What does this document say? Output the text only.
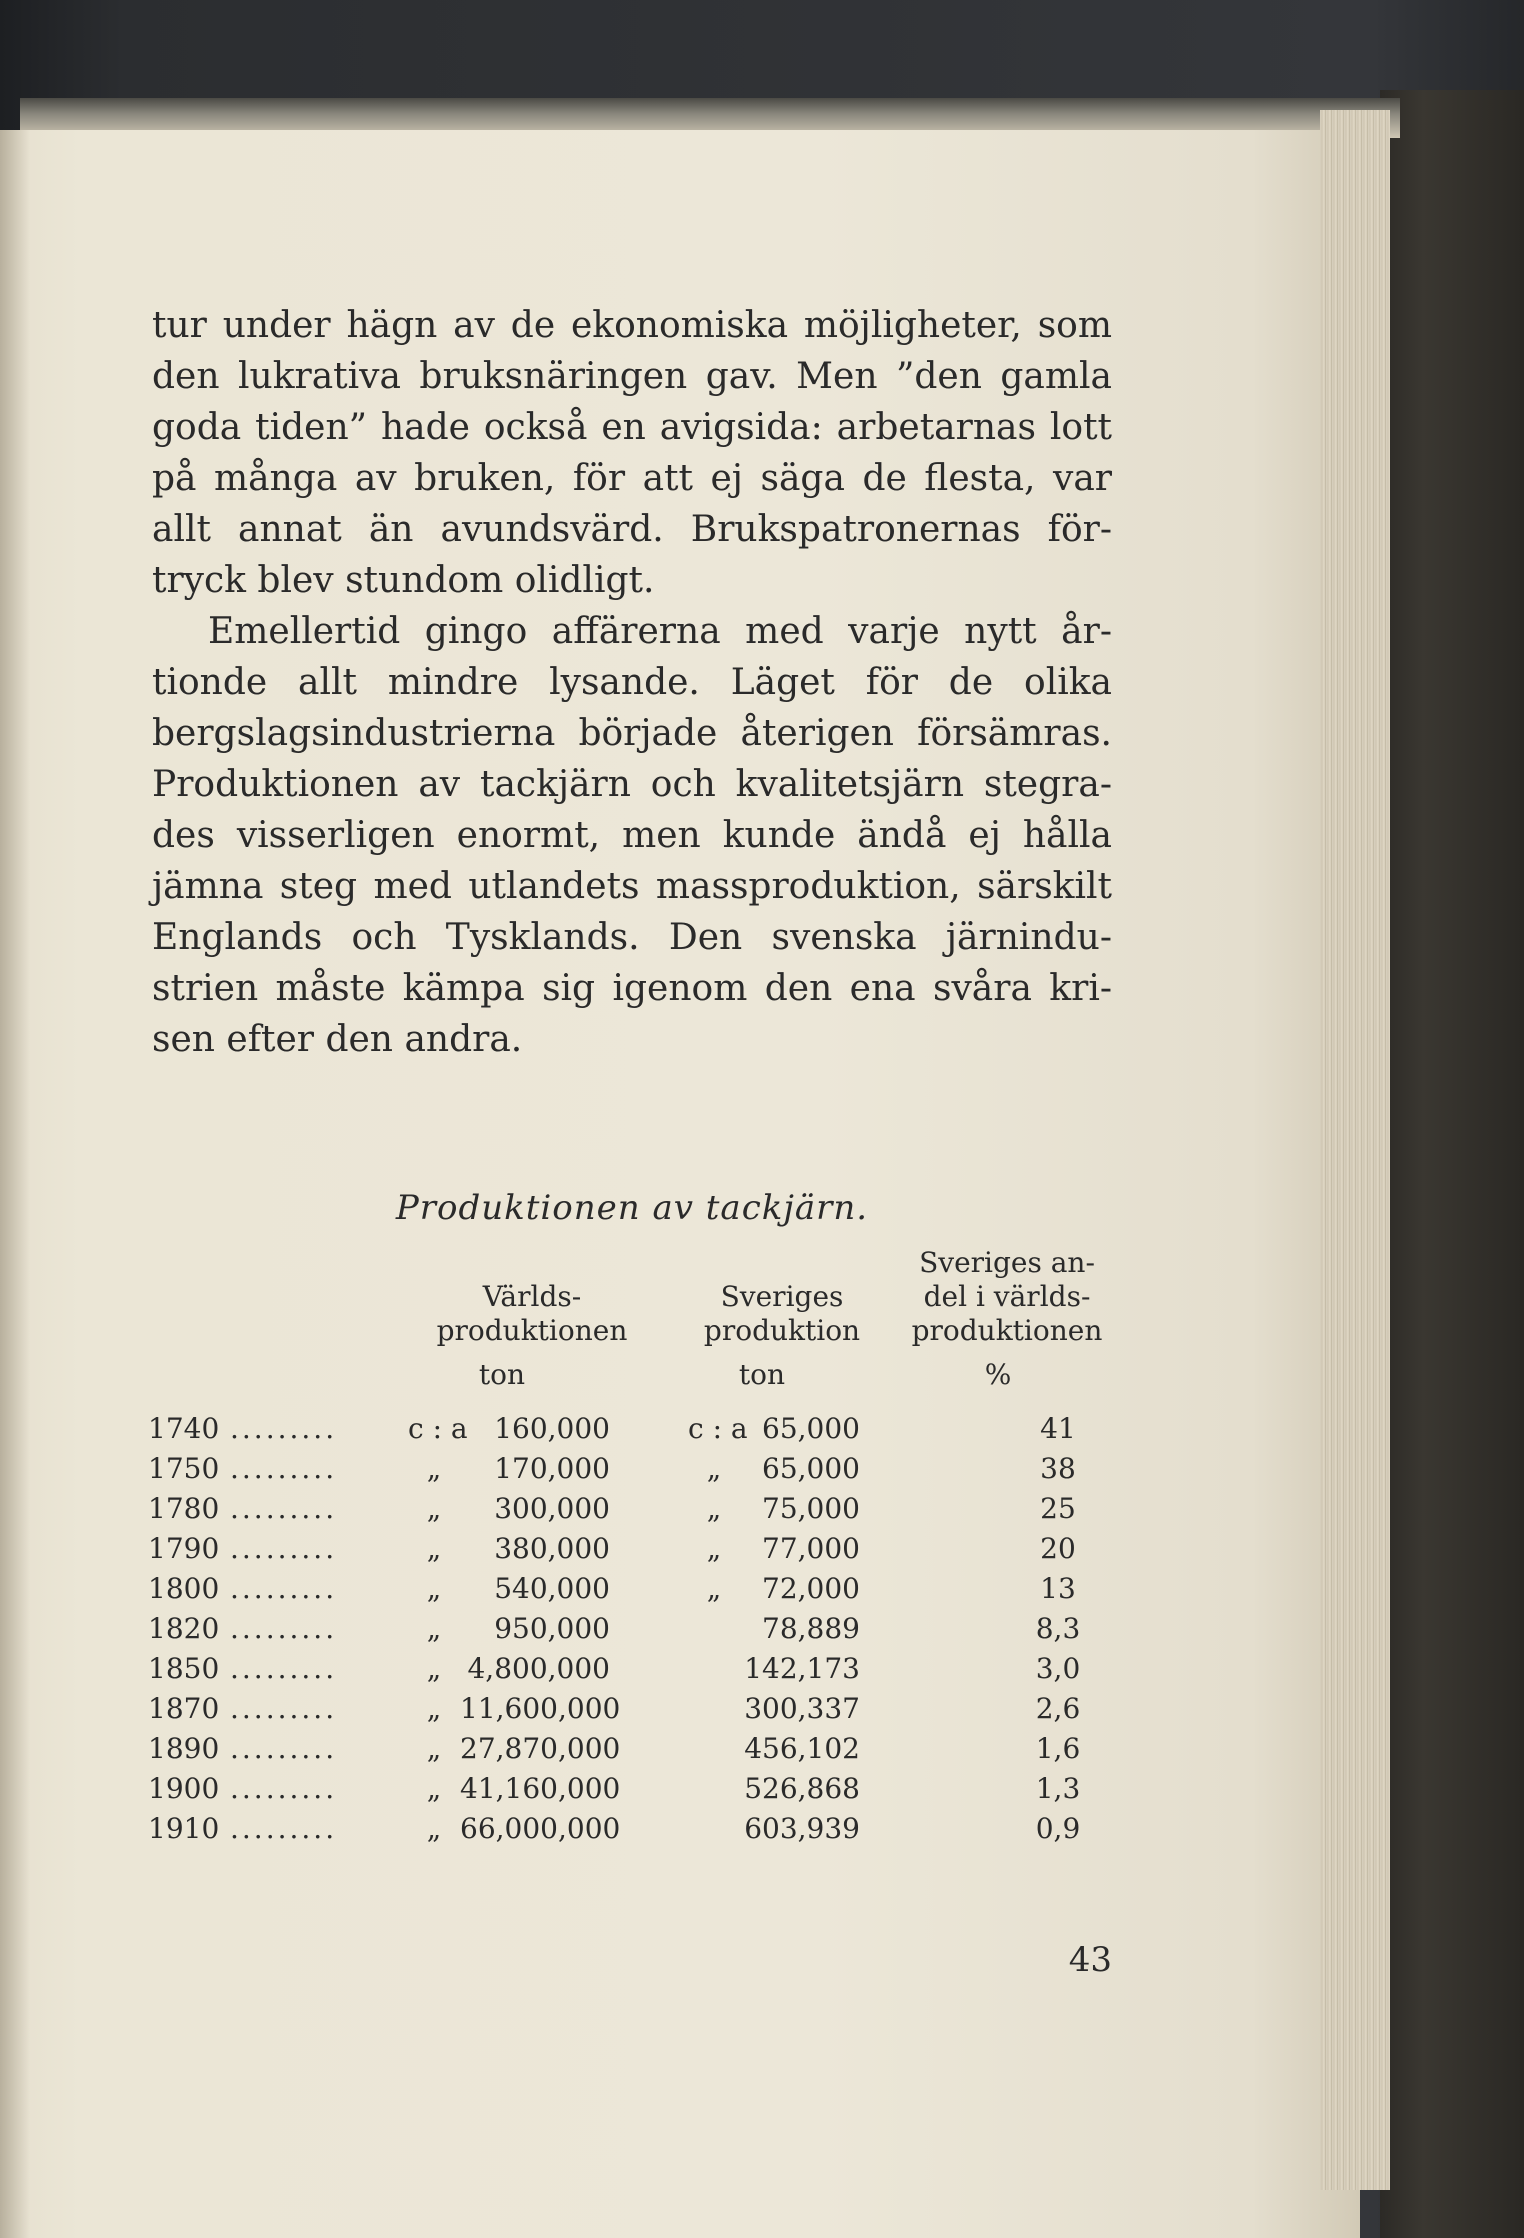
tur under hägn av de ekonomiska möjligheter, som

den lukrativa bruksnäringen gav. Men ”den gamla

goda tiden” hade också en avigsida: arbetarnas lott

på många av bruken, för att ej säga de flesta, var

allt annat än avundsvärd. Brukspatronernas för-

tryck blev stundom olidligt.

Emellertid gingo affärerna med varje nytt år-

tionde allt mindre lysande. Läget för de olika

bergslagsindustrierna började återigen försämras.

Produktionen av tackjärn och kvalitetsjärn stegra-

des visserligen enormt, men kunde ändå ej hålla

jämna steg med utlandets massproduktion, särskilt

Englands och Tysklands. Den svenska järnindu-

strien måste kämpa sig igenom den ena svåra kri-

sen efter den andra.

Produktionen av tackjärn.
Världs-
produktionen
Sveriges
produktion
Sveriges an-
del i världs-
produktionen
ton	ton	%
1740 .........	c : a 160,000	c : a 65,000	41
1750 .........	„	170,000	„	65,000	38
1780 .........	„	300,000	„	75,000	25
1790 .........	„	380,000	„	77,000	20
1800 .........	„	540,000	„	72,000	13
1820 .........	„	950,000	78,889	8,3
1850 .........	„ 4,800,000	142,173	3,0
1870 .........	„ 11,600,000	300,337	2,6
1890 .........	„ 27,870,000	456,102	1,6
1900 .........	„ 41,160,000	526,868	1,3
1910 .........	„ 66,000,000	603,939	0,9
43
